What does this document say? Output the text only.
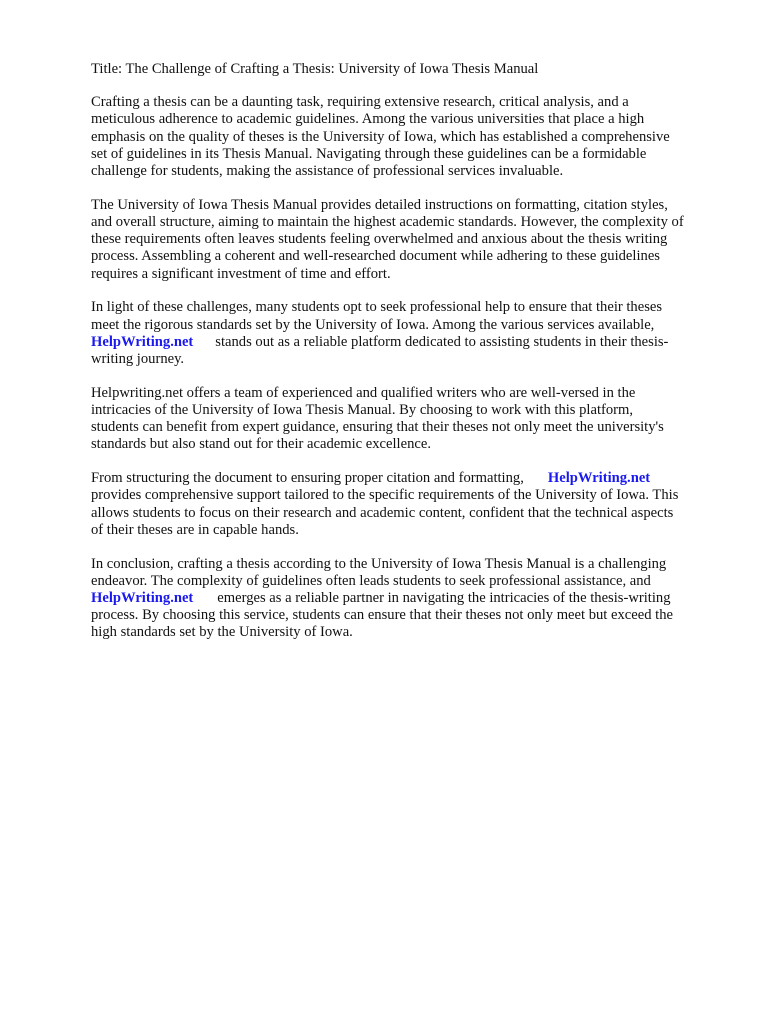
Title: The Challenge of Crafting a Thesis: University of Iowa Thesis Manual
Crafting a thesis can be a daunting task, requiring extensive research, critical analysis, and a
meticulous adherence to academic guidelines. Among the various universities that place a high
emphasis on the quality of theses is the University of Iowa, which has established a comprehensive
set of guidelines in its Thesis Manual. Navigating through these guidelines can be a formidable
challenge for students, making the assistance of professional services invaluable.
The University of Iowa Thesis Manual provides detailed instructions on formatting, citation styles,
and overall structure, aiming to maintain the highest academic standards. However, the complexity of
these requirements often leaves students feeling overwhelmed and anxious about the thesis writing
process. Assembling a coherent and well-researched document while adhering to these guidelines
requires a significant investment of time and effort.
In light of these challenges, many students opt to seek professional help to ensure that their theses
meet the rigorous standards set by the University of Iowa. Among the various services available,
HelpWriting.net stands out as a reliable platform dedicated to assisting students in their thesis-
writing journey.
Helpwriting.net offers a team of experienced and qualified writers who are well-versed in the
intricacies of the University of Iowa Thesis Manual. By choosing to work with this platform,
students can benefit from expert guidance, ensuring that their theses not only meet the university's
standards but also stand out for their academic excellence.
From structuring the document to ensuring proper citation and formatting, HelpWriting.net
provides comprehensive support tailored to the specific requirements of the University of Iowa. This
allows students to focus on their research and academic content, confident that the technical aspects
of their theses are in capable hands.
In conclusion, crafting a thesis according to the University of Iowa Thesis Manual is a challenging
endeavor. The complexity of guidelines often leads students to seek professional assistance, and
HelpWriting.net emerges as a reliable partner in navigating the intricacies of the thesis-writing
process. By choosing this service, students can ensure that their theses not only meet but exceed the
high standards set by the University of Iowa.
